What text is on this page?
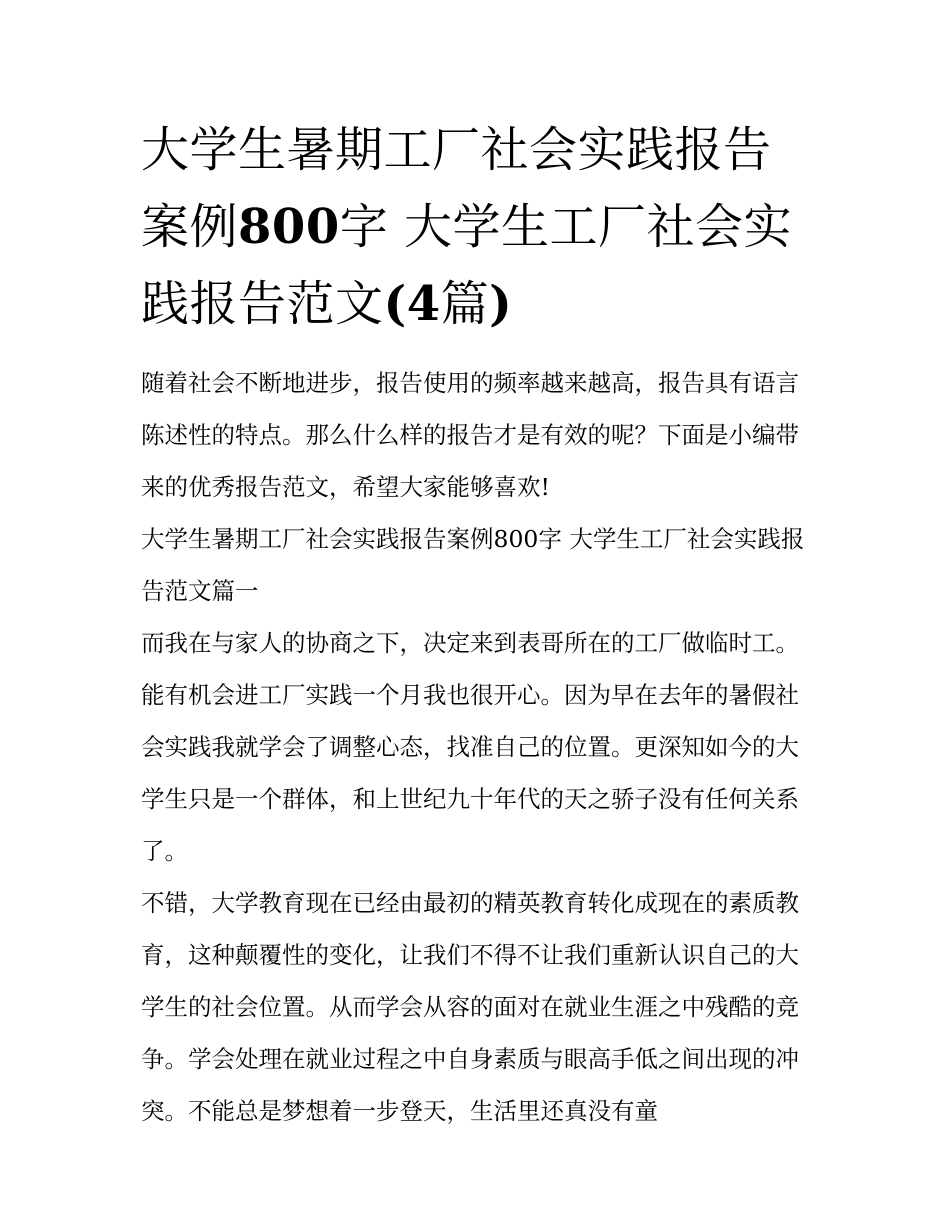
大学生暑期工厂社会实践报告案例800字 大学生工厂社会实践报告范文(4篇)

随着社会不断地进步，报告使用的频率越来越高，报告具有语言陈述性的特点。那么什么样的报告才是有效的呢？下面是小编带来的优秀报告范文，希望大家能够喜欢!

大学生暑期工厂社会实践报告案例800字 大学生工厂社会实践报告范文篇一

而我在与家人的协商之下，决定来到表哥所在的工厂做临时工。能有机会进工厂实践一个月我也很开心。因为早在去年的暑假社会实践我就学会了调整心态，找准自己的位置。更深知如今的大学生只是一个群体，和上世纪九十年代的天之骄子没有任何关系了。

不错，大学教育现在已经由最初的精英教育转化成现在的素质教育，这种颠覆性的变化，让我们不得不让我们重新认识自己的大学生的社会位置。从而学会从容的面对在就业生涯之中残酷的竞争。学会处理在就业过程之中自身素质与眼高手低之间出现的冲突。不能总是梦想着一步登天，生活里还真没有童
